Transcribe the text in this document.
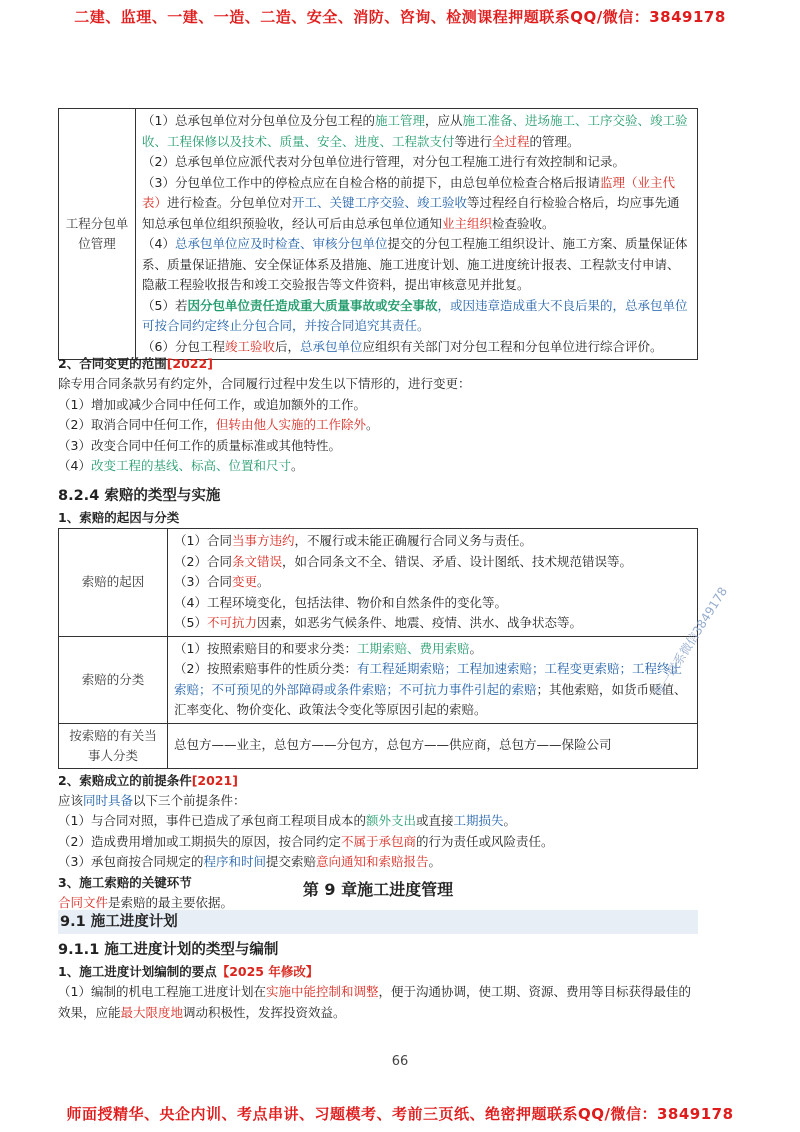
二建、监理、一建、一造、二造、安全、消防、咨询、检测课程押题联系QQ/微信：3849178
工程分包单位管理	
（1）总承包单位对分包单位及分包工程的施工管理，应从施工准备、进场施工、工序交验、竣工验收、工程保修以及技术、质量、安全、进度、工程款支付等进行全过程的管理。
（2）总承包单位应派代表对分包单位进行管理，对分包工程施工进行有效控制和记录。
（3）分包单位工作中的停检点应在自检合格的前提下，由总包单位检查合格后报请监理（业主代表）进行检查。分包单位对开工、关键工序交验、竣工验收等过程经自行检验合格后，均应事先通知总承包单位组织预验收，经认可后由总承包单位通知业主组织检查验收。
（4）总承包单位应及时检查、审核分包单位提交的分包工程施工组织设计、施工方案、质量保证体系、质量保证措施、安全保证体系及措施、施工进度计划、施工进度统计报表、工程款支付申请、隐蔽工程验收报告和竣工交验报告等文件资料，提出审核意见并批复。
（5）若因分包单位责任造成重大质量事故或安全事故，或因违章造成重大不良后果的，总承包单位可按合同约定终止分包合同，并按合同追究其责任。
（6）分包工程竣工验收后，总承包单位应组织有关部门对分包工程和分包单位进行综合评价。
2、合同变更的范围[2022]
除专用合同条款另有约定外，合同履行过程中发生以下情形的，进行变更：
（1）增加或减少合同中任何工作，或追加额外的工作。
（2）取消合同中任何工作，但转由他人实施的工作除外。
（3）改变合同中任何工作的质量标准或其他特性。
（4）改变工程的基线、标高、位置和尺寸。
8.2.4 索赔的类型与实施
1、索赔的起因与分类
索赔的起因	（1）合同当事方违约，不履行或未能正确履行合同义务与责任。
（2）合同条文错误，如合同条文不全、错误、矛盾、设计图纸、技术规范错误等。
（3）合同变更。
（4）工程环境变化，包括法律、物价和自然条件的变化等。
（5）不可抗力因素，如恶劣气候条件、地震、疫情、洪水、战争状态等。

索赔的分类	（1）按照索赔目的和要求分类：工期索赔、费用索赔。
（2）按照索赔事件的性质分类：有工程延期索赔；工程加速索赔；工程变更索赔；工程终止索赔；不可预见的外部障碍或条件索赔；不可抗力事件引起的索赔；其他索赔，如货币贬值、汇率变化、物价变化、政策法令变化等原因引起的索赔。

按索赔的有关当事人分类	总包方——业主，总包方——分包方，总包方——供应商，总包方——保险公司
2、索赔成立的前提条件[2021]
应该同时具备以下三个前提条件：
（1）与合同对照，事件已造成了承包商工程项目成本的额外支出或直接工期损失。
（2）造成费用增加或工期损失的原因，按合同约定不属于承包商的行为责任或风险责任。
（3）承包商按合同规定的程序和时间提交索赔意向通知和索赔报告。
3、施工索赔的关键环节
合同文件是索赔的最主要依据。
第 9 章施工进度管理
9.1 施工进度计划
9.1.1 施工进度计划的类型与编制
1、施工进度计划编制的要点【2025 年修改】
（1）编制的机电工程施工进度计划在实施中能控制和调整，便于沟通协调，使工期、资源、费用等目标获得最佳的效果，应能最大限度地调动积极性，发挥投资效益。
唯一联系微信3849178
66
师面授精华、央企内训、考点串讲、习题模考、考前三页纸、绝密押题联系QQ/微信：3849178
